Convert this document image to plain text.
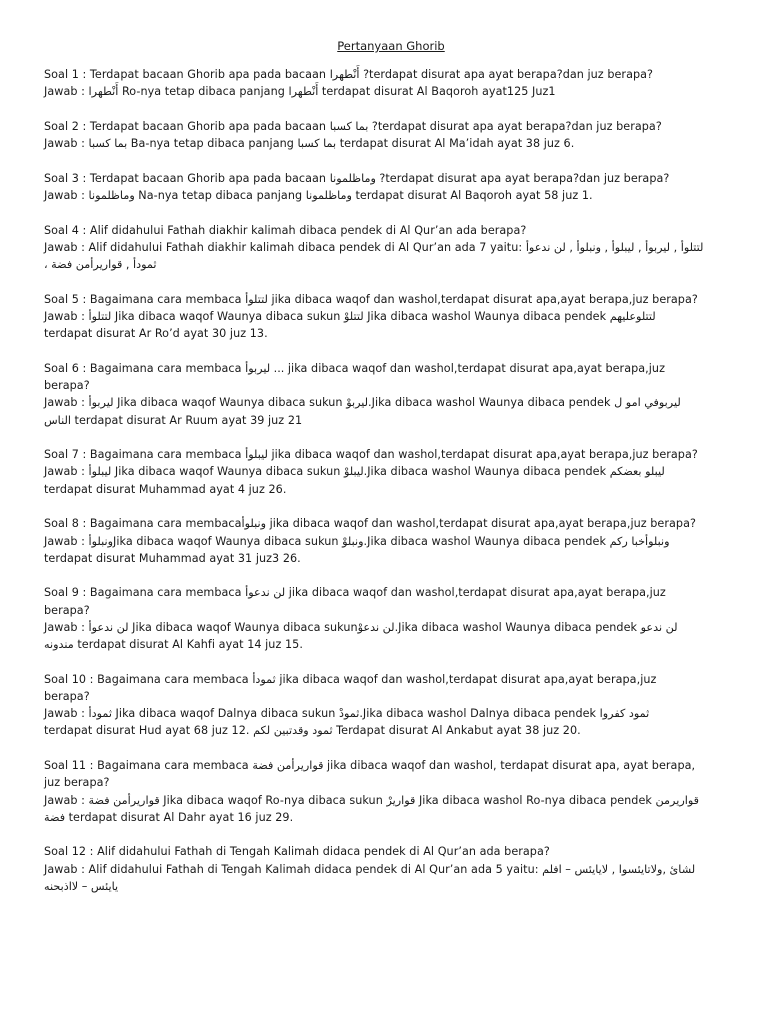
Pertanyaan Ghorib
Soal 1 : Terdapat bacaan Ghorib apa pada bacaan أَنْطهرا ?terdapat disurat apa ayat berapa?dan juz berapa?
Jawab : أَنْطهرا Ro-nya tetap dibaca panjang أَنْطهرا terdapat disurat Al Baqoroh ayat125 Juz1
Soal 2 : Terdapat bacaan Ghorib apa pada bacaan بما كسبا ?terdapat disurat apa ayat berapa?dan juz berapa?
Jawab : بما كسبا Ba-nya tetap dibaca panjang بما كسبا terdapat disurat Al Ma’idah ayat 38 juz 6.
Soal 3 : Terdapat bacaan Ghorib apa pada bacaan وماظلمونا ?terdapat disurat apa ayat berapa?dan juz berapa?
Jawab : وماظلمونا Na-nya tetap dibaca panjang وماظلمونا terdapat disurat Al Baqoroh ayat 58 juz 1.
Soal 4 : Alif didahului Fathah diakhir kalimah dibaca pendek di Al Qur’an ada berapa?
Jawab : Alif didahului Fathah diakhir kalimah dibaca pendek di Al Qur’an ada 7 yaitu: لتتلوأ , ليربوأ , ليبلوأ , ونبلوأ , لن ندعوأ
، ثمودأ , قواريرأمن فضة
Soal 5 : Bagaimana cara membaca لتتلوأ jika dibaca waqof dan washol,terdapat disurat apa,ayat berapa,juz berapa?
Jawab : لتتلوأ Jika dibaca waqof Waunya dibaca sukun لتتلوْ Jika dibaca washol Waunya dibaca pendek لتتلوعليهم
terdapat disurat Ar Ro’d ayat 30 juz 13.
Soal 6 : Bagaimana cara membaca ليربوأ ... jika dibaca waqof dan washol,terdapat disurat apa,ayat berapa,juz
berapa?
Jawab : ليربوأ Jika dibaca waqof Waunya dibaca sukun ليربوْ.Jika dibaca washol Waunya dibaca pendek ليربوفي امو ل
الناس terdapat disurat Ar Ruum ayat 39 juz 21
Soal 7 : Bagaimana cara membaca ليبلوأ jika dibaca waqof dan washol,terdapat disurat apa,ayat berapa,juz berapa?
Jawab : ليبلوأ Jika dibaca waqof Waunya dibaca sukun ليبلوْ.Jika dibaca washol Waunya dibaca pendek ليبلو بعضكم
terdapat disurat Muhammad ayat 4 juz 26.
Soal 8 : Bagaimana cara membacaونبلوأ jika dibaca waqof dan washol,terdapat disurat apa,ayat berapa,juz berapa?
Jawab : ونبلوأJika dibaca waqof Waunya dibaca sukun ونبلوْ.Jika dibaca washol Waunya dibaca pendek ونبلوأخبا ركم
terdapat disurat Muhammad ayat 31 juz3 26.
Soal 9 : Bagaimana cara membaca لن ندعوأ jika dibaca waqof dan washol,terdapat disurat apa,ayat berapa,juz
berapa?
Jawab : لن ندعوأ Jika dibaca waqof Waunya dibaca sukunلن ندعوْ.Jika dibaca washol Waunya dibaca pendek لن ندعو
مندونه terdapat disurat Al Kahfi ayat 14 juz 15.
Soal 10 : Bagaimana cara membaca ثمودأ jika dibaca waqof dan washol,terdapat disurat apa,ayat berapa,juz
berapa?
Jawab : ثمودأ Jika dibaca waqof Dalnya dibaca sukun ثمودْ.Jika dibaca washol Dalnya dibaca pendek ثمود كفروا
terdapat disurat Hud ayat 68 juz 12. ثمود وقدتبين لكم Terdapat disurat Al Ankabut ayat 38 juz 20.
Soal 11 : Bagaimana cara membaca قواريرأمن فضة jika dibaca waqof dan washol, terdapat disurat apa, ayat berapa,
juz berapa?
Jawab : قواريرأمن فضة Jika dibaca waqof Ro-nya dibaca sukun قواريرْ Jika dibaca washol Ro-nya dibaca pendek قواريرمن
فضة terdapat disurat Al Dahr ayat 16 juz 29.
Soal 12 : Alif didahului Fathah di Tengah Kalimah didaca pendek di Al Qur’an ada berapa?
Jawab : Alif didahului Fathah di Tengah Kalimah didaca pendek di Al Qur’an ada 5 yaitu: لشائ ,ولاتايئسوا , لايايئس – افلم
يايئس – لااذبحنه
